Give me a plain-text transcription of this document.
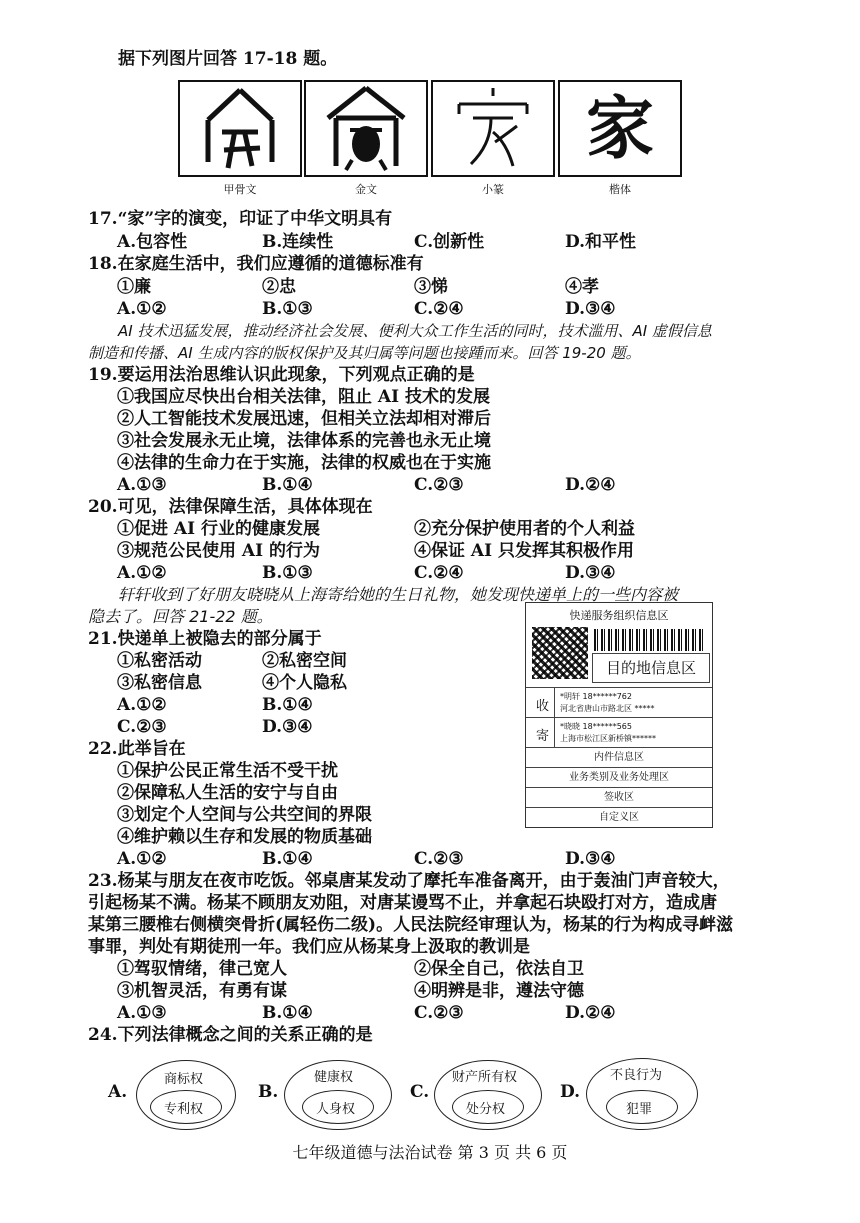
据下列图片回答 17-18 题。
家
甲骨文	金文	小篆	楷体
17.“家”字的演变，印证了中华文明具有
A.包容性	B.连续性	C.创新性	D.和平性
18.在家庭生活中，我们应遵循的道德标准有
①廉	②忠	③悌	④孝
A.①②	B.①③	C.②④	D.③④
AI 技术迅猛发展，推动经济社会发展、便利大众工作生活的同时，技术滥用、AI 虚假信息
制造和传播、AI 生成内容的版权保护及其归属等问题也接踵而来。回答 19-20 题。
19.要运用法治思维认识此现象，下列观点正确的是
①我国应尽快出台相关法律，阻止 AI 技术的发展
②人工智能技术发展迅速，但相关立法却相对滞后
③社会发展永无止境，法律体系的完善也永无止境
④法律的生命力在于实施，法律的权威也在于实施
A.①③	B.①④	C.②③	D.②④
20.可见，法律保障生活，具体体现在
①促进 AI 行业的健康发展	②充分保护使用者的个人利益
③规范公民使用 AI 的行为	④保证 AI 只发挥其积极作用
A.①②	B.①③	C.②④	D.③④
轩轩收到了好朋友晓晓从上海寄给她的生日礼物，她发现快递单上的一些内容被
隐去了。回答 21-22 题。	快递服务组织信息区
目的地信息区
收
*明轩 18******762
河北省唐山市路北区 *****
寄
*晓晓 18******565
上海市松江区新桥镇******
内件信息区
业务类别及业务处理区
签收区
自定义区
21.快递单上被隐去的部分属于
①私密活动	②私密空间
③私密信息	④个人隐私
A.①②	B.①④
C.②③	D.③④
22.此举旨在
①保护公民正常生活不受干扰
②保障私人生活的安宁与自由
③划定个人空间与公共空间的界限
④维护赖以生存和发展的物质基础
A.①②	B.①④	C.②③	D.③④
23.杨某与朋友在夜市吃饭。邻桌唐某发动了摩托车准备离开，由于轰油门声音较大，
引起杨某不满。杨某不顾朋友劝阻，对唐某谩骂不止，并拿起石块殴打对方，造成唐
某第三腰椎右侧横突骨折(属轻伤二级)。人民法院经审理认为，杨某的行为构成寻衅滋
事罪，判处有期徒刑一年。我们应从杨某身上汲取的教训是
①驾驭情绪，律己宽人	②保全自己，依法自卫
③机智灵活，有勇有谋	④明辨是非，遵法守德
A.①③	B.①④	C.②③	D.②④
24.下列法律概念之间的关系正确的是
A.
商标权
专利权
B.
健康权
人身权
C.
财产所有权
处分权
D.
不良行为
犯罪
七年级道德与法治试卷 第 3 页 共 6 页
